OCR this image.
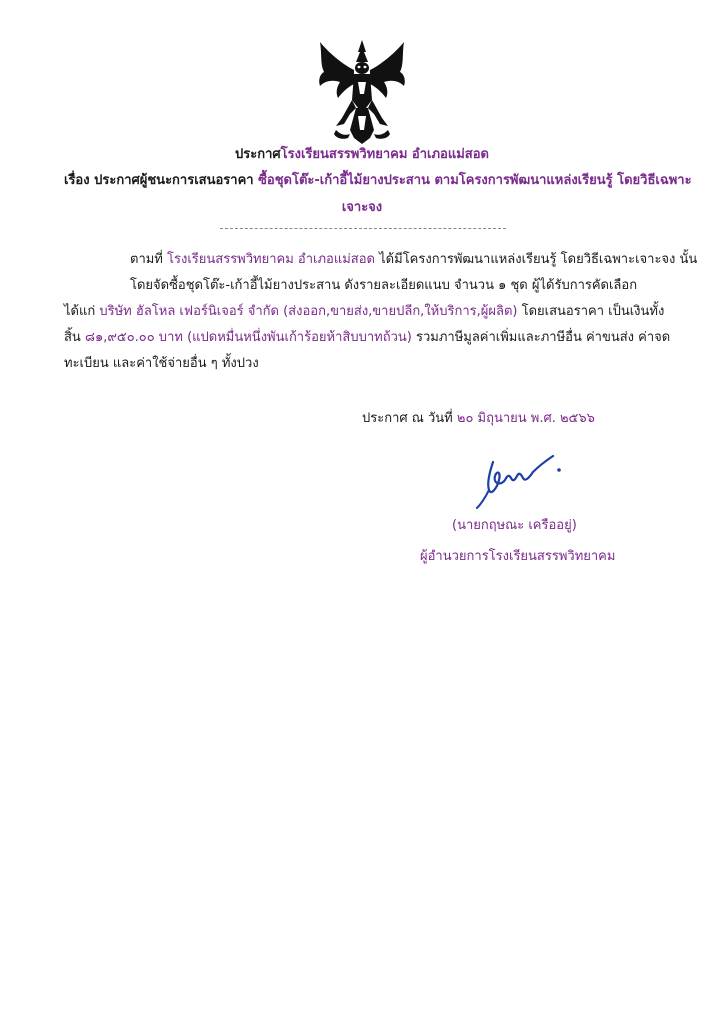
ประกาศโรงเรียนสรรพวิทยาคม อำเภอแม่สอด
เรื่อง ประกาศผู้ชนะการเสนอราคา ซื้อชุดโต๊ะ-เก้าอี้ไม้ยางประสาน ตามโครงการพัฒนาแหล่งเรียนรู้ โดยวิธีเฉพาะ
เจาะจง
ตามที่ โรงเรียนสรรพวิทยาคม อำเภอแม่สอด ได้มีโครงการพัฒนาแหล่งเรียนรู้ โดยวิธีเฉพาะเจาะจง นั้น
โดยจัดซื้อชุดโต๊ะ-เก้าอี้ไม้ยางประสาน ดังรายละเอียดแนบ จำนวน ๑ ชุด ผู้ได้รับการคัดเลือก
ได้แก่ บริษัท ฮัลโหล เฟอร์นิเจอร์ จำกัด (ส่งออก,ขายส่ง,ขายปลีก,ให้บริการ,ผู้ผลิต) โดยเสนอราคา เป็นเงินทั้ง
สิ้น ๘๑,๙๕๐.๐๐ บาท (แปดหมื่นหนึ่งพันเก้าร้อยห้าสิบบาทถ้วน) รวมภาษีมูลค่าเพิ่มและภาษีอื่น ค่าขนส่ง ค่าจด
ทะเบียน และค่าใช้จ่ายอื่น ๆ ทั้งปวง
ประกาศ ณ วันที่ ๒๐ มิถุนายน พ.ศ. ๒๕๖๖
(นายกฤษณะ เครืออยู่)
ผู้อำนวยการโรงเรียนสรรพวิทยาคม
